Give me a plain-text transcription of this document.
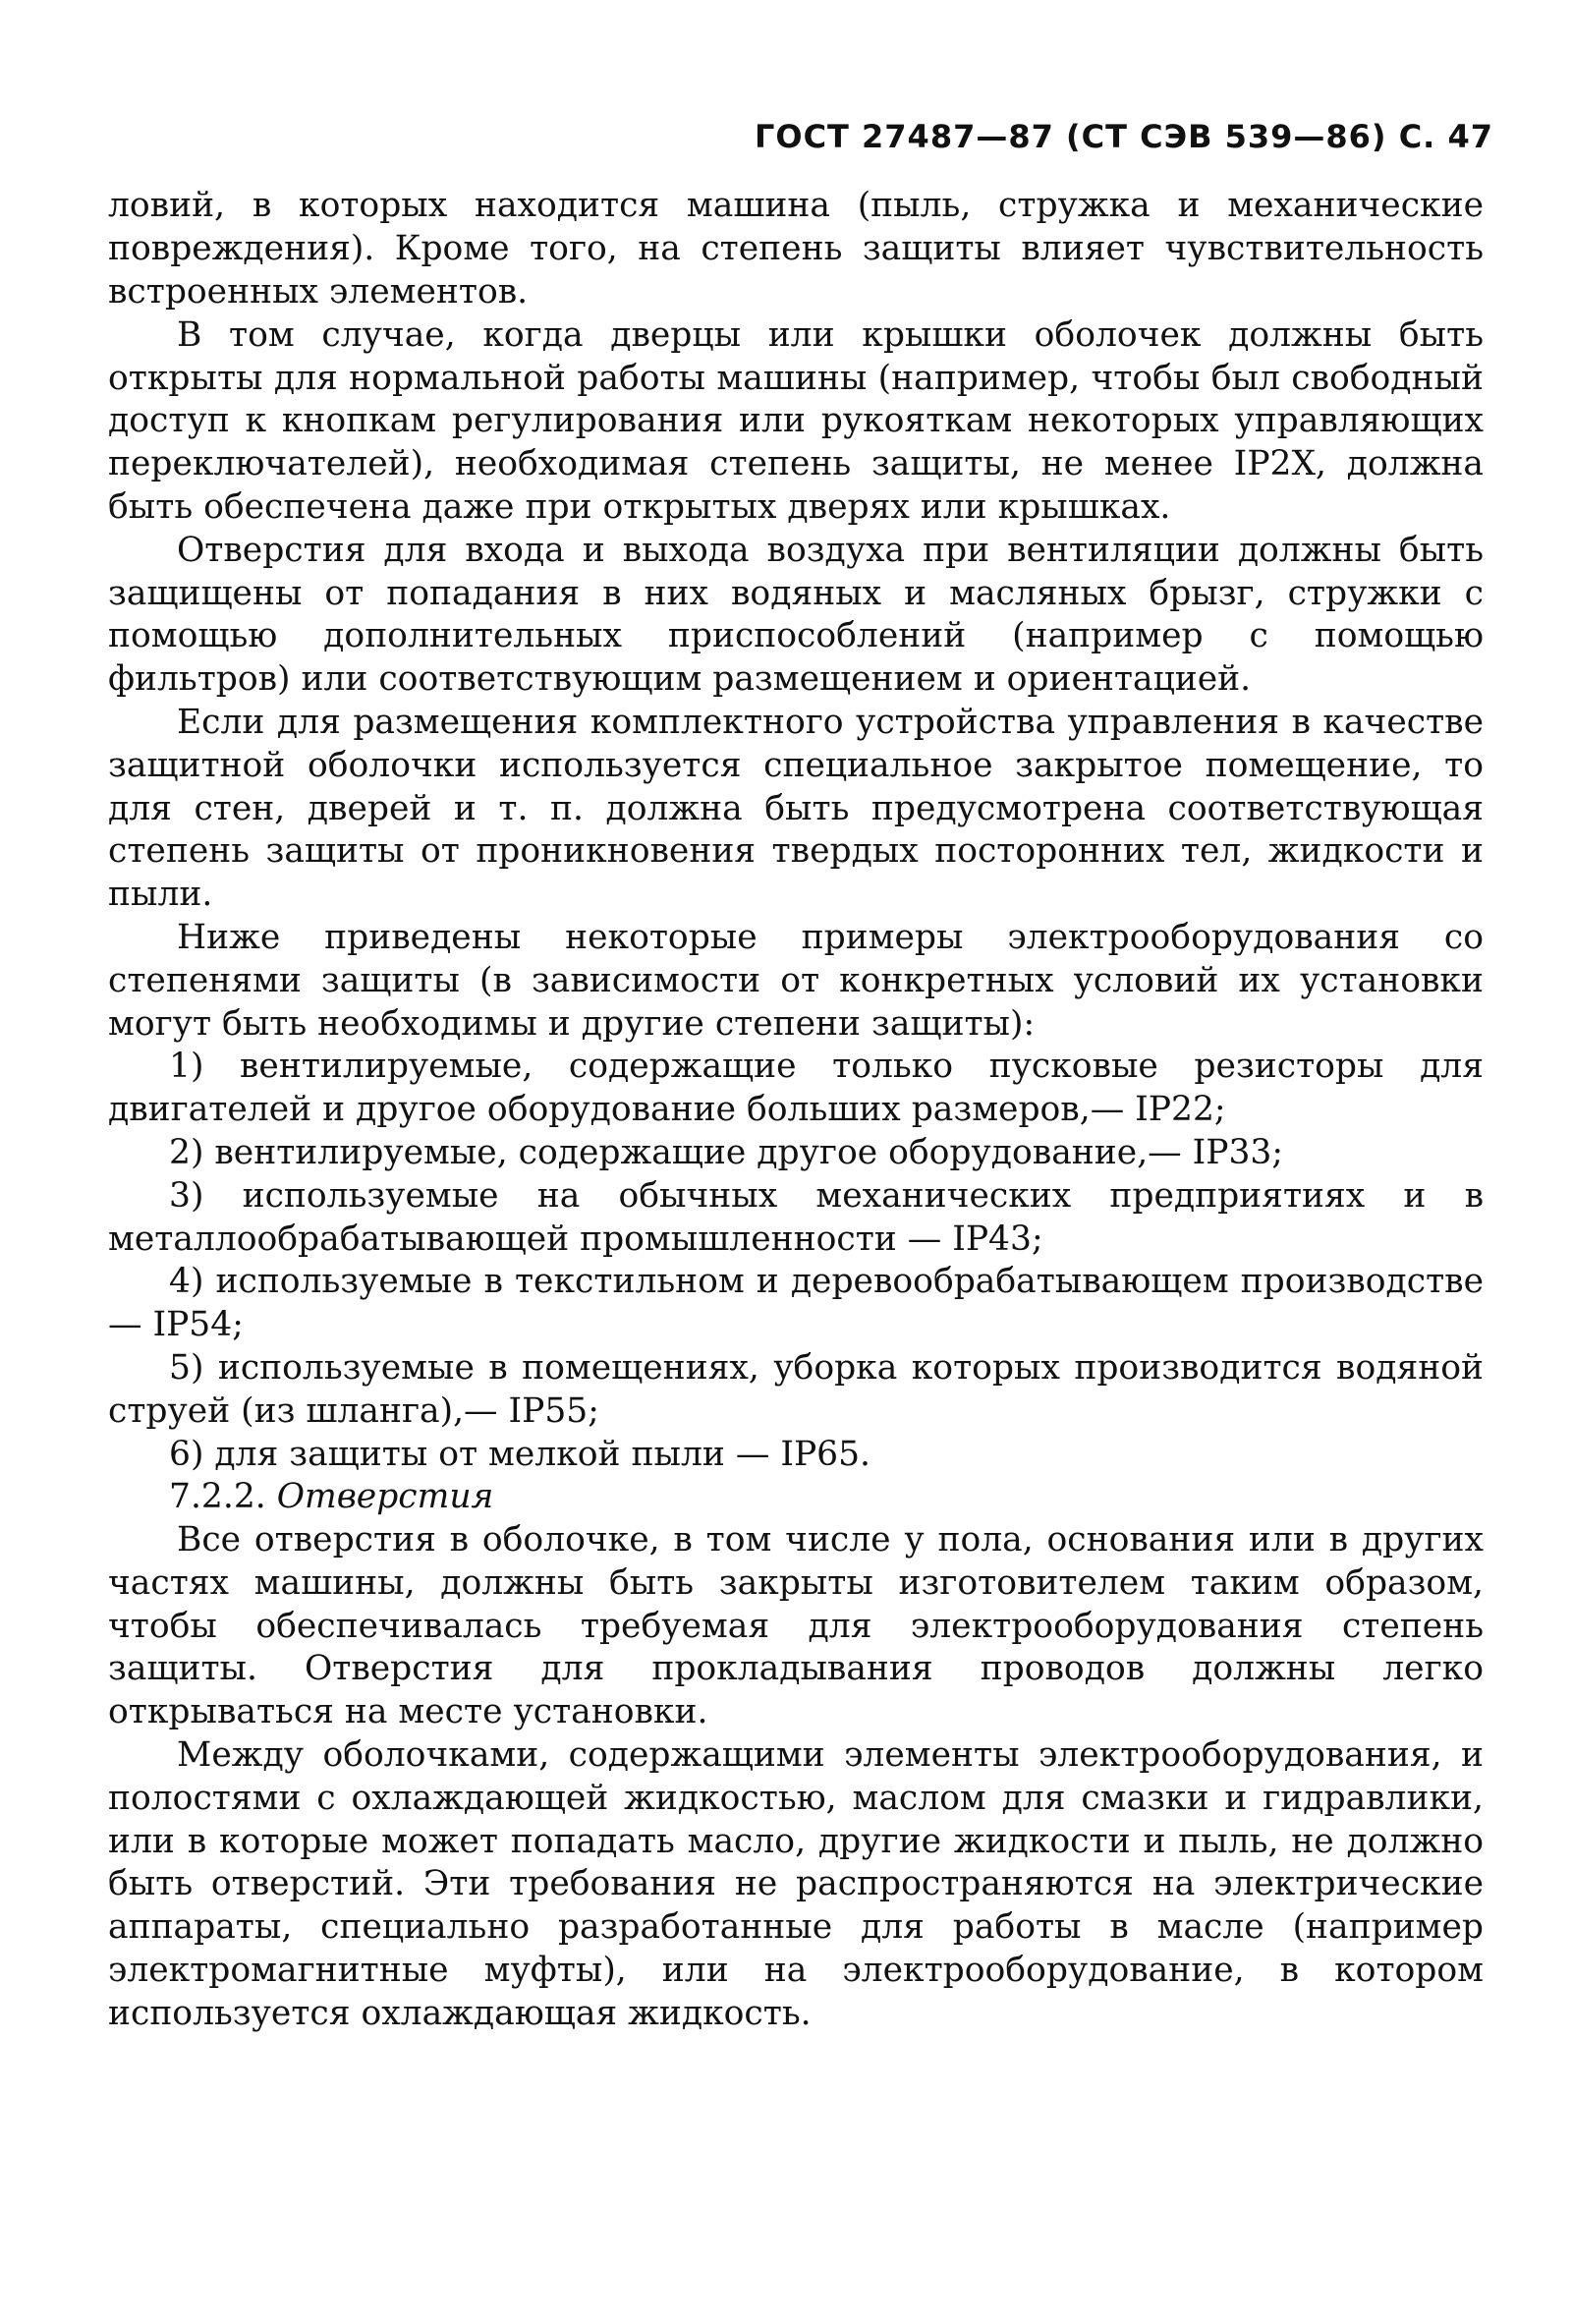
ГОСТ 27487—87 (СТ СЭВ 539—86) С. 47

ловий, в которых находится машина (пыль, стружка и механические повреждения). Кроме того, на степень защиты влияет чувствительность встроенных элементов.

В том случае, когда дверцы или крышки оболочек должны быть открыты для нормальной работы машины (например, чтобы был свободный доступ к кнопкам регулирования или рукояткам некоторых управляющих переключателей), необходимая степень защиты, не менее IP2X, должна быть обеспечена даже при открытых дверях или крышках.

Отверстия для входа и выхода воздуха при вентиляции должны быть защищены от попадания в них водяных и масляных брызг, стружки с помощью дополнительных приспособлений (например с помощью фильтров) или соответствующим размещением и ориентацией.

Если для размещения комплектного устройства управления в качестве защитной оболочки используется специальное закрытое помещение, то для стен, дверей и т. п. должна быть предусмотрена соответствующая степень защиты от проникновения твердых посторонних тел, жидкости и пыли.

Ниже приведены некоторые примеры электрооборудования со степенями защиты (в зависимости от конкретных условий их установки могут быть необходимы и другие степени защиты):

1) вентилируемые, содержащие только пусковые резисторы для двигателей и другое оборудование больших размеров,— IP22;

2) вентилируемые, содержащие другое оборудование,— IP33;

3) используемые на обычных механических предприятиях и в металлообрабатывающей промышленности — IP43;

4) используемые в текстильном и деревообрабатывающем производстве — IP54;

5) используемые в помещениях, уборка которых производится водяной струей (из шланга),— IP55;

6) для защиты от мелкой пыли — IP65.

7.2.2. Отверстия

Все отверстия в оболочке, в том числе у пола, основания или в других частях машины, должны быть закрыты изготовителем таким образом, чтобы обеспечивалась требуемая для электрооборудования степень защиты. Отверстия для прокладывания проводов должны легко открываться на месте установки.

Между оболочками, содержащими элементы электрооборудования, и полостями с охлаждающей жидкостью, маслом для смазки и гидравлики, или в которые может попадать масло, другие жидкости и пыль, не должно быть отверстий. Эти требования не распространяются на электрические аппараты, специально разработанные для работы в масле (например электромагнитные муфты), или на электрооборудование, в котором используется охлаждающая жидкость.
